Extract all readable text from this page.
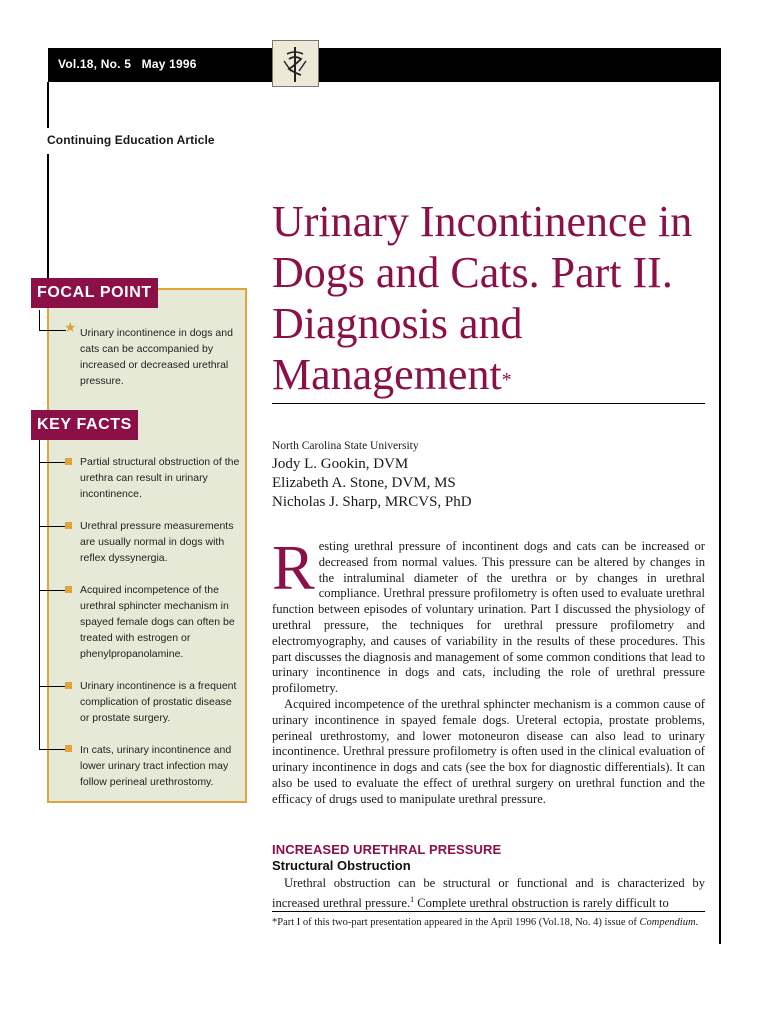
Vol.18, No. 5   May 1996
Continuing Education Article
FOCAL POINT
★ Urinary incontinence in dogs and cats can be accompanied by increased or decreased urethral pressure.
KEY FACTS
Partial structural obstruction of the urethra can result in urinary incontinence.
Urethral pressure measurements are usually normal in dogs with reflex dyssynergia.
Acquired incompetence of the urethral sphincter mechanism in spayed female dogs can often be treated with estrogen or phenylpropanolamine.
Urinary incontinence is a frequent complication of prostatic disease or prostate surgery.
In cats, urinary incontinence and lower urinary tract infection may follow perineal urethrostomy.
Urinary Incontinence in Dogs and Cats. Part II. Diagnosis and Management*
North Carolina State University
Jody L. Gookin, DVM
Elizabeth A. Stone, DVM, MS
Nicholas J. Sharp, MRCVS, PhD

Resting urethral pressure of incontinent dogs and cats can be increased or decreased from normal values. This pressure can be altered by changes in the intraluminal diameter of the urethra or by changes in urethral compliance. Urethral pressure profilometry is often used to evaluate urethral function between episodes of voluntary urination. Part I discussed the physiology of urethral pressure, the techniques for urethral pressure profilometry and electromyography, and causes of variability in the results of these procedures. This part discusses the diagnosis and management of some common conditions that lead to urinary incontinence in dogs and cats, including the role of urethral pressure profilometry.

Acquired incompetence of the urethral sphincter mechanism is a common cause of urinary incontinence in spayed female dogs. Ureteral ectopia, prostate problems, perineal urethrostomy, and lower motoneuron disease can also lead to urinary incontinence. Urethral pressure profilometry is often used in the clinical evaluation of urinary incontinence in dogs and cats (see the box for diagnostic differentials). It can also be used to evaluate the effect of urethral surgery on urethral function and the efficacy of drugs used to manipulate urethral pressure.

INCREASED URETHRAL PRESSURE
Structural Obstruction
Urethral obstruction can be structural or functional and is characterized by increased urethral pressure.$^1$ Complete urethral obstruction is rarely difficult to
*Part I of this two-part presentation appeared in the April 1996 (Vol.18, No. 4) issue of Compendium.
